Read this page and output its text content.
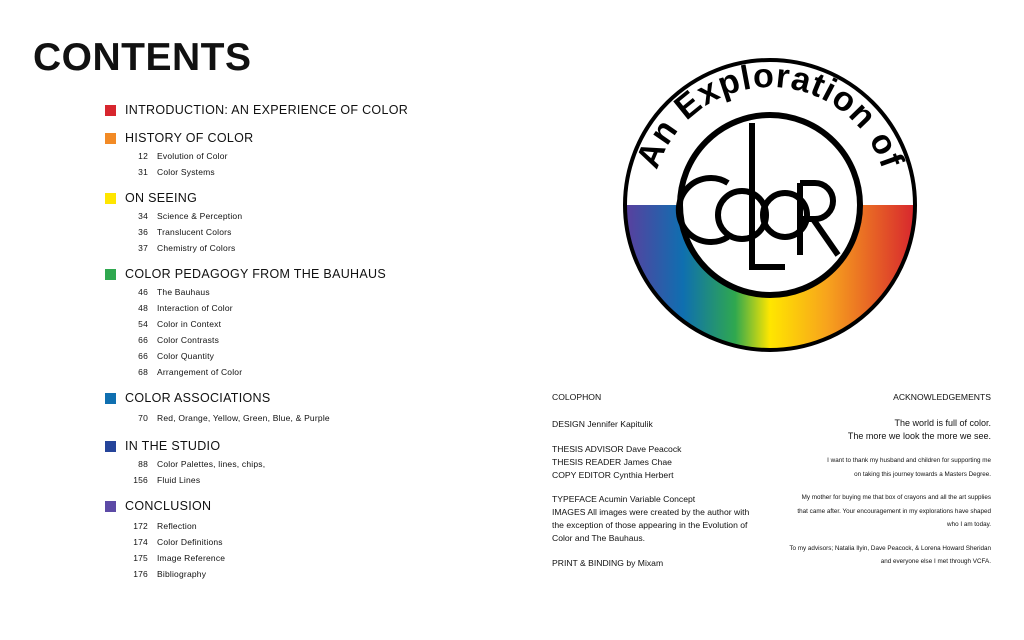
CONTENTS
INTRODUCTION: AN EXPERIENCE OF COLOR
HISTORY OF COLOR
12 Evolution of Color
31 Color Systems
ON SEEING
34 Science & Perception
36 Translucent Colors
37 Chemistry of Colors
COLOR PEDAGOGY FROM THE BAUHAUS
46 The Bauhaus
48 Interaction of Color
54 Color in Context
66 Color Contrasts
66 Color Quantity
68 Arrangement of Color
COLOR ASSOCIATIONS
70 Red, Orange, Yellow, Green, Blue, & Purple
IN THE STUDIO
88 Color Palettes, lines, chips,
156 Fluid Lines
CONCLUSION
172 Reflection
174 Color Definitions
175 Image Reference
176 Bibliography
An Exploration of
COLOPHON
DESIGN Jennifer Kapitulik
THESIS ADVISOR Dave Peacock
THESIS READER James Chae
COPY EDITOR Cynthia Herbert
TYPEFACE Acumin Variable Concept
IMAGES All images were created by the author with
the exception of those appearing in the Evolution of
Color and The Bauhaus.
PRINT & BINDING by Mixam
ACKNOWLEDGEMENTS
The world is full of color.
The more we look the more we see.
I want to thank my husband and children for supporting me
on taking this journey towards a Masters Degree.
My mother for buying me that box of crayons and all the art supplies
that came after. Your encouragement in my explorations have shaped
who I am today.
To my advisors; Natalia Ilyin, Dave Peacock, & Lorena Howard Sheridan
and everyone else I met through VCFA.
